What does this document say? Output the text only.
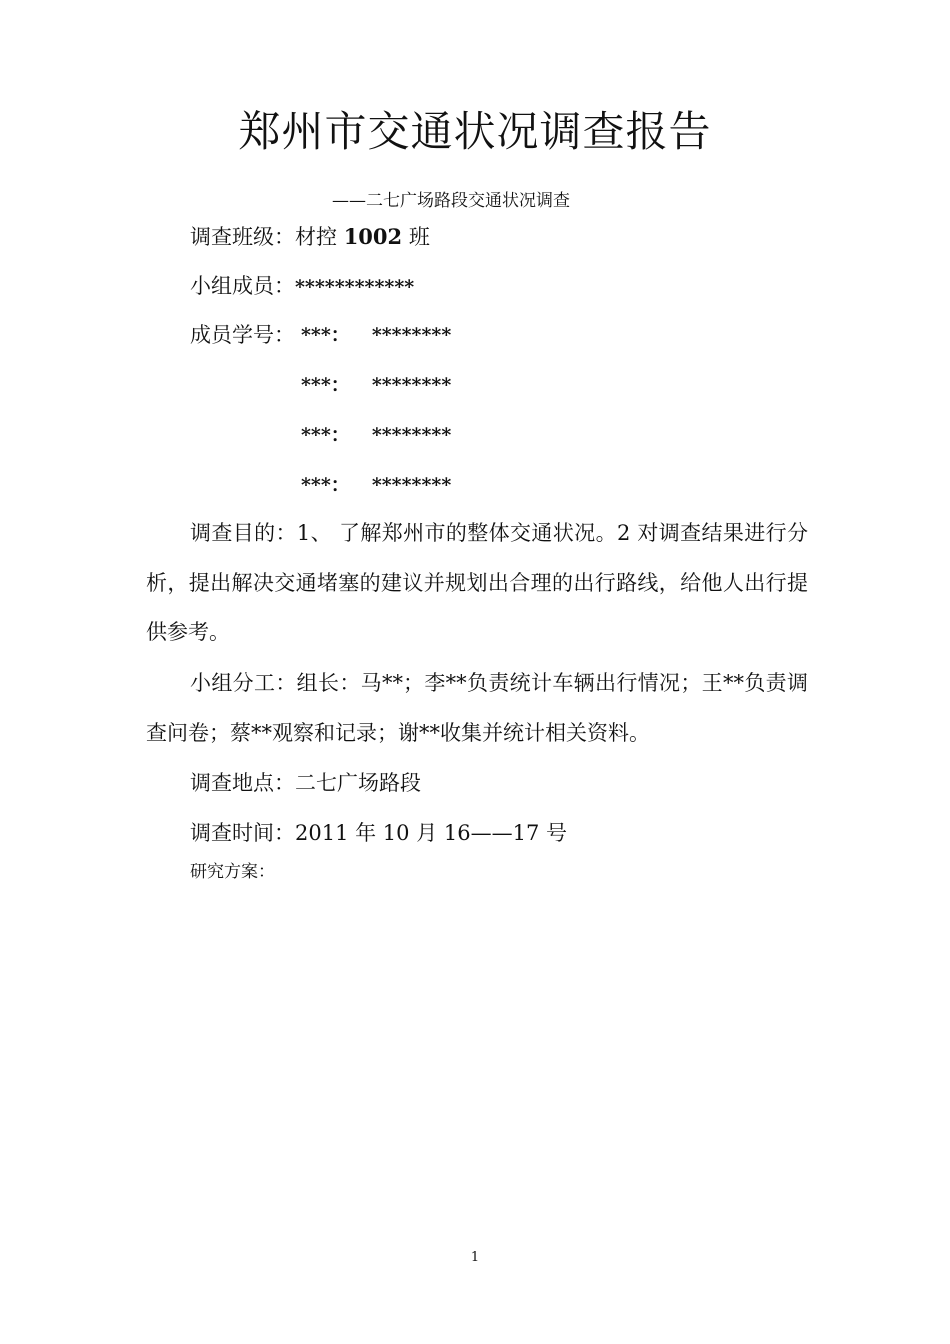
郑州市交通状况调查报告
——二七广场路段交通状况调查
调查班级：材控 1002 班
小组成员：************
成员学号： ***： ********
***： ********
***： ********
***： ********
调查目的：1、 了解郑州市的整体交通状况。2 对调查结果进行分析，提出解决交通堵塞的建议并规划出合理的出行路线，给他人出行提供参考。
小组分工：组长：马**；李**负责统计车辆出行情况；王**负责调查问卷；蔡**观察和记录；谢**收集并统计相关资料。
调查地点：二七广场路段
调查时间：2011 年 10 月 16——17 号
研究方案：
1
